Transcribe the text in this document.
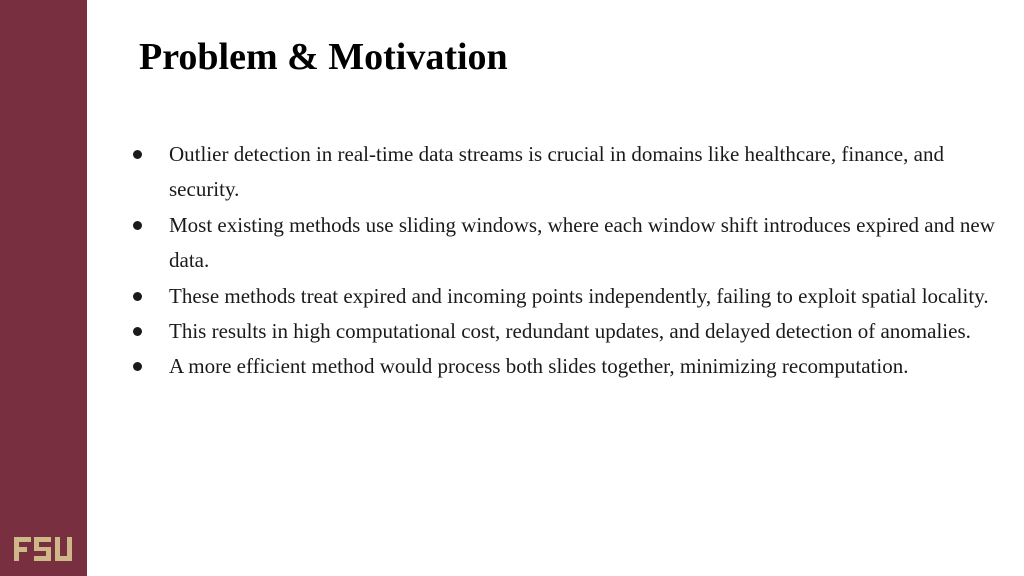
Problem & Motivation
Outlier detection in real-time data streams is crucial in domains like healthcare, finance, and security.
Most existing methods use sliding windows, where each window shift introduces expired and new data.
These methods treat expired and incoming points independently, failing to exploit spatial locality.
This results in high computational cost, redundant updates, and delayed detection of anomalies.
A more efficient method would process both slides together, minimizing recomputation.
